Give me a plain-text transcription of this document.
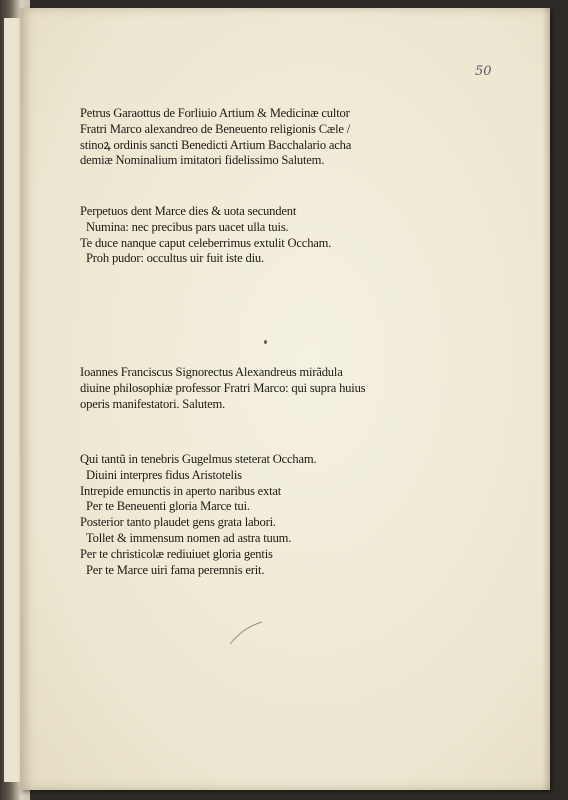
50

Petrus Garaottus de Forliuio Artium & Medicinæ cultor

Fratri Marco alexandreo de Beneuento religionis Cæle /

stinoꝝ ordinis sancti Benedicti Artium Bacchalario acha

demiæ Nominalium imitatori fidelissimo Salutem.

Perpetuos dent Marce dies & uota secundent

Numina: nec precibus pars uacet ulla tuis.

Te duce nanque caput celeberrimus extulit Occham.

Proh pudor: occultus uir fuit iste diu.

Ioannes Franciscus Signorectus Alexandreus mirãdula

diuine philosophiæ professor Fratri Marco: qui supra huius

operis manifestatori. Salutem.

Qui tantũ in tenebris Gugelmus steterat Occham.

Diuini interpres fidus Aristotelis

Intrepide emunctis in aperto naribus extat

Per te Beneuenti gloria Marce tui.

Posterior tanto plaudet gens grata labori.

Tollet & immensum nomen ad astra tuum.

Per te christicolæ rediuiuet gloria gentis

Per te Marce uiri fama peremnis erit.
